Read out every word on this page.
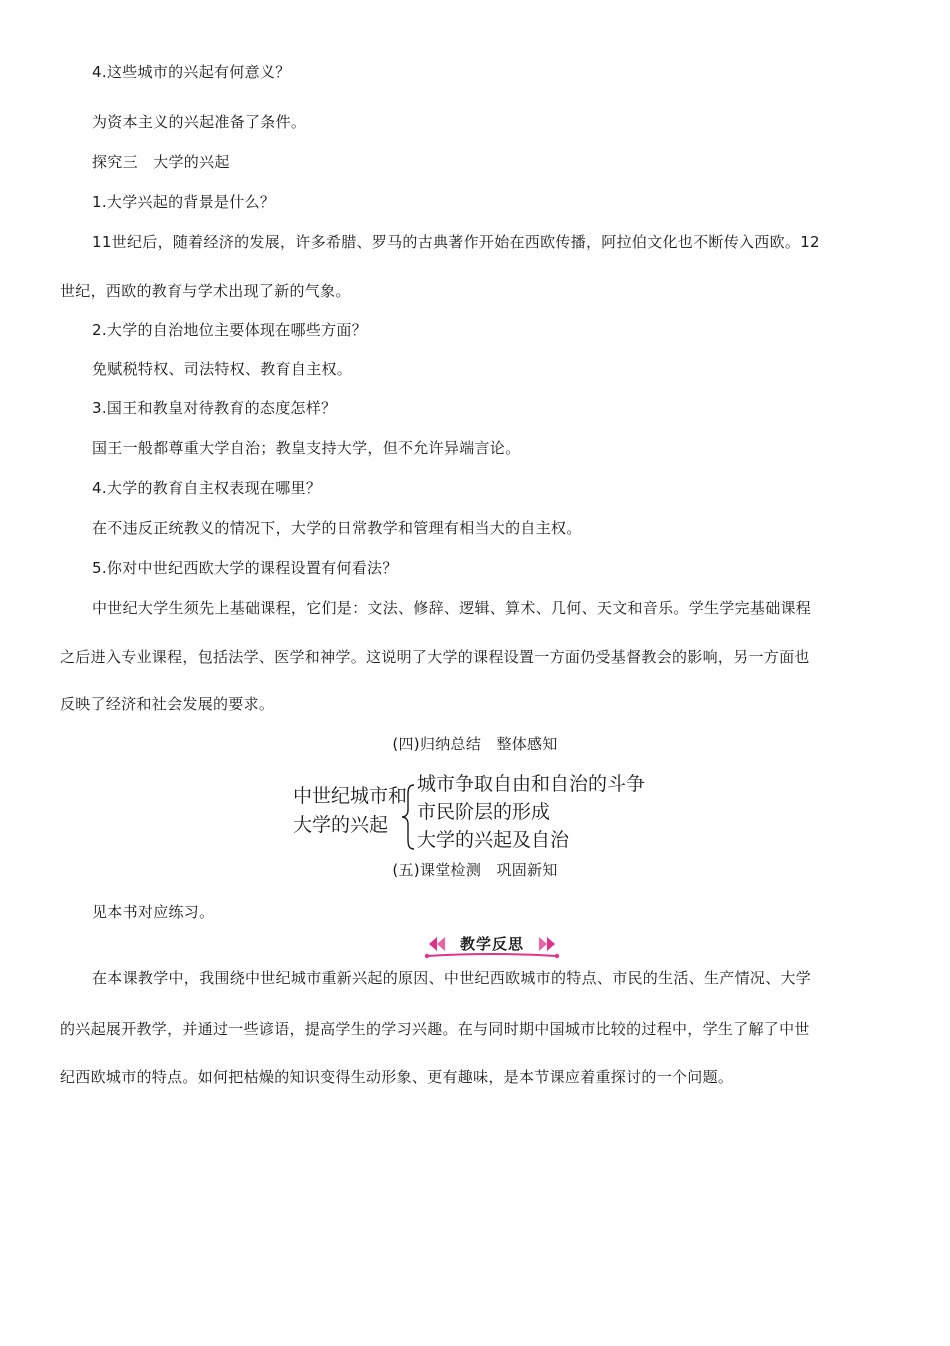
4.这些城市的兴起有何意义？
为资本主义的兴起准备了条件。
探究三　大学的兴起
1.大学兴起的背景是什么？
11世纪后，随着经济的发展，许多希腊、罗马的古典著作开始在西欧传播，阿拉伯文化也不断传入西欧。12
世纪，西欧的教育与学术出现了新的气象。
2.大学的自治地位主要体现在哪些方面？
免赋税特权、司法特权、教育自主权。
3.国王和教皇对待教育的态度怎样？
国王一般都尊重大学自治；教皇支持大学，但不允许异端言论。
4.大学的教育自主权表现在哪里？
在不违反正统教义的情况下，大学的日常教学和管理有相当大的自主权。
5.你对中世纪西欧大学的课程设置有何看法？
中世纪大学生须先上基础课程，它们是：文法、修辞、逻辑、算术、几何、天文和音乐。学生学完基础课程
之后进入专业课程，包括法学、医学和神学。这说明了大学的课程设置一方面仍受基督教会的影响，另一方面也
反映了经济和社会发展的要求。
(四)归纳总结　整体感知
中世纪城市和
大学的兴起
城市争取自由和自治的斗争
市民阶层的形成
大学的兴起及自治
(五)课堂检测　巩固新知
见本书对应练习。
教学反思
在本课教学中，我围绕中世纪城市重新兴起的原因、中世纪西欧城市的特点、市民的生活、生产情况、大学
的兴起展开教学，并通过一些谚语，提高学生的学习兴趣。在与同时期中国城市比较的过程中，学生了解了中世
纪西欧城市的特点。如何把枯燥的知识变得生动形象、更有趣味，是本节课应着重探讨的一个问题。
